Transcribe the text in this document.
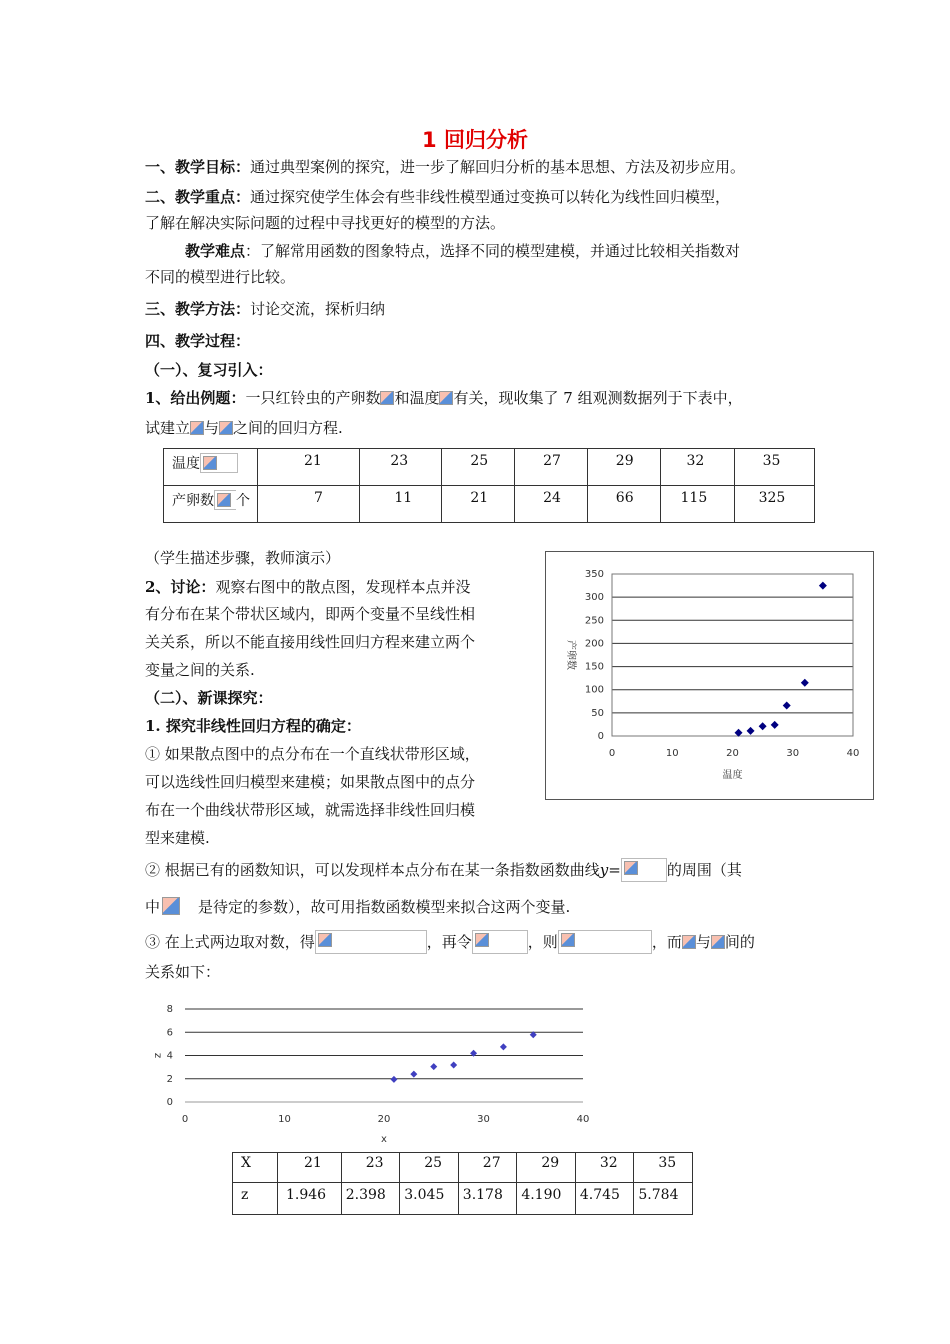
1 回归分析
一、教学目标：通过典型案例的探究，进一步了解回归分析的基本思想、方法及初步应用。
二、教学重点：通过探究使学生体会有些非线性模型通过变换可以转化为线性回归模型，
了解在解决实际问题的过程中寻找更好的模型的方法。
教学难点：了解常用函数的图象特点，选择不同的模型建模，并通过比较相关指数对
不同的模型进行比较。
三、教学方法：讨论交流，探析归纳
四、教学过程：
（一）、复习引入：
1、给出例题：一只红铃虫的产卵数 和温度 有关，现收集了 7 组观测数据列于下表中，
试建立 与 之间的回归方程.
温度	21	23	25	27	29	32	35
产卵数 个	7	11	21	24	66	115	325
（学生描述步骤，教师演示）
2、讨论：观察右图中的散点图，发现样本点并没
有分布在某个带状区域内，即两个变量不呈线性相
关关系，所以不能直接用线性回归方程来建立两个
变量之间的关系.
（二）、新课探究：
1. 探究非线性回归方程的确定：
① 如果散点图中的点分布在一个直线状带形区域，
可以选线性回归模型来建模；如果散点图中的点分
布在一个曲线状带形区域，就需选择非线性回归模
型来建模.
② 根据已有的函数知识，可以发现样本点分布在某一条指数函数曲线y=	的周围（其
中	是待定的参数），故可用指数函数模型来拟合这两个变量.
③ 在上式两边取对数，得	，再令	，则	，而 与 间的
关系如下：
0
50
100
150
200
250
300
350
0	10	20	30	40
温度
产卵数
0
2
4
6
8
0	10	20	30	40
x
z
X	21	23	25	27	29	32	35
z	1.946	2.398	3.045	3.178	4.190	4.745	5.784
